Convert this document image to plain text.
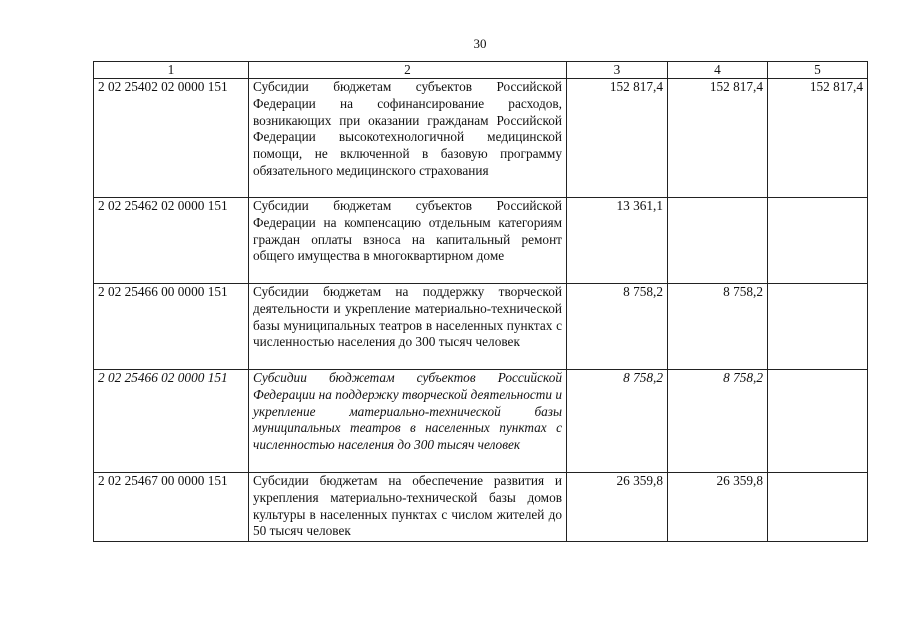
30
1	2	3	4	5
2 02 25402 02 0000 151	Субсидии бюджетам субъектов Российской Федерации на софинансирование расходов, возникающих при оказании гражданам Российской Федерации высокотехнологичной медицинской помощи, не включенной в базовую программу обязательного медицинского страхования	152 817,4	152 817,4	152 817,4
2 02 25462 02 0000 151	Субсидии бюджетам субъектов Российской Федерации на компенсацию отдельным категориям граждан оплаты взноса на капитальный ремонт общего имущества в многоквартирном доме	13 361,1		
2 02 25466 00 0000 151	Субсидии бюджетам на поддержку творческой деятельности и укрепление материально-технической базы муниципальных театров в населенных пунктах с численностью населения до 300 тысяч человек	8 758,2	8 758,2	
2 02 25466 02 0000 151	Субсидии бюджетам субъектов Российской Федерации на поддержку творческой деятельности и укрепление материально-технической базы муниципальных театров в населенных пунктах с численностью населения до 300 тысяч человек	8 758,2	8 758,2	
2 02 25467 00 0000 151	Субсидии бюджетам на обеспечение развития и укрепления материально-технической базы домов культуры в населенных пунктах с числом жителей до 50 тысяч человек	26 359,8	26 359,8	
